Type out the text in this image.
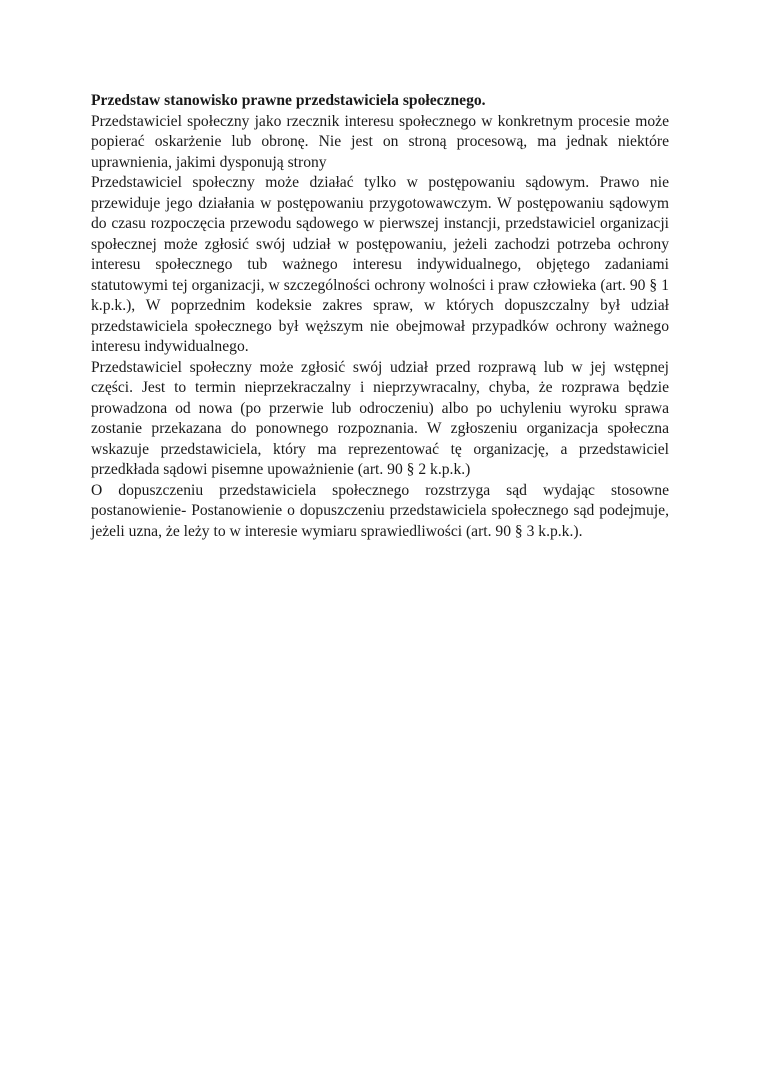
Przedstaw stanowisko prawne przedstawiciela społecznego.

Przedstawiciel społeczny jako rzecznik interesu społecznego w konkretnym procesie może popierać oskarżenie lub obronę. Nie jest on stroną procesową, ma jednak niektóre uprawnienia, jakimi dysponują strony

Przedstawiciel społeczny może działać tylko w postępowaniu sądowym. Prawo nie przewiduje jego działania w postępowaniu przygotowawczym. W postępowaniu sądowym do czasu rozpoczęcia przewodu sądowego w pierwszej instancji, przedstawiciel organizacji społecznej może zgłosić swój udział w postępowaniu, jeżeli zachodzi potrzeba ochrony interesu społecznego tub ważnego interesu indywidualnego, objętego zadaniami statutowymi tej organizacji, w szczególności ochrony wolności i praw człowieka (art. 90 § 1 k.p.k.), W poprzednim kodeksie zakres spraw, w których dopuszczalny był udział przedstawiciela społecznego był węższym nie obejmował przypadków ochrony ważnego interesu indywidualnego.

Przedstawiciel społeczny może zgłosić swój udział przed rozprawą lub w jej wstępnej części. Jest to termin nieprzekraczalny i nieprzywracalny, chyba, że rozprawa będzie prowadzona od nowa (po przerwie lub odroczeniu) albo po uchyleniu wyroku sprawa zostanie przekazana do ponownego rozpoznania. W zgłoszeniu organizacja społeczna wskazuje przedstawiciela, który ma reprezentować tę organizację, a przedstawiciel przedkłada sądowi pisemne upoważnienie (art. 90 § 2 k.p.k.)

O dopuszczeniu przedstawiciela społecznego rozstrzyga sąd wydając stosowne postanowienie- Postanowienie o dopuszczeniu przedstawiciela społecznego sąd podejmuje, jeżeli uzna, że leży to w interesie wymiaru sprawiedliwości (art. 90 § 3 k.p.k.).
